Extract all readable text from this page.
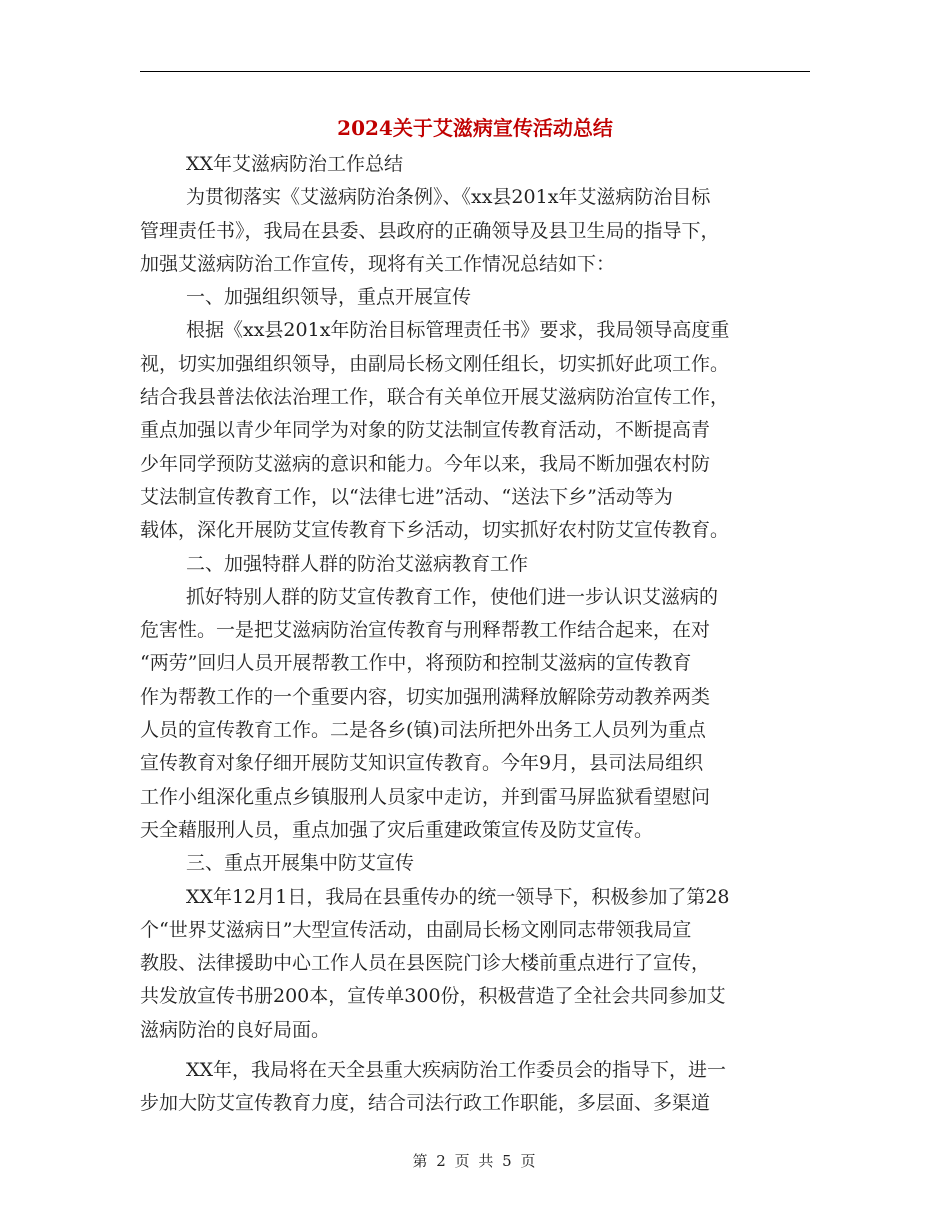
2024关于艾滋病宣传活动总结

XX年艾滋病防治工作总结

为贯彻落实《艾滋病防治条例》、《xx县201x年艾滋病防治目标
管理责任书》，我局在县委、县政府的正确领导及县卫生局的指导下，
加强艾滋病防治工作宣传，现将有关工作情况总结如下：

一、加强组织领导，重点开展宣传

根据《xx县201x年防治目标管理责任书》要求，我局领导高度重
视，切实加强组织领导，由副局长杨文刚任组长，切实抓好此项工作。
结合我县普法依法治理工作，联合有关单位开展艾滋病防治宣传工作，
重点加强以青少年同学为对象的防艾法制宣传教育活动，不断提高青
少年同学预防艾滋病的意识和能力。今年以来，我局不断加强农村防
艾法制宣传教育工作，以“法律七进”活动、“送法下乡”活动等为
载体，深化开展防艾宣传教育下乡活动，切实抓好农村防艾宣传教育。

二、加强特群人群的防治艾滋病教育工作

抓好特别人群的防艾宣传教育工作，使他们进一步认识艾滋病的
危害性。一是把艾滋病防治宣传教育与刑释帮教工作结合起来，在对
“两劳”回归人员开展帮教工作中，将预防和控制艾滋病的宣传教育
作为帮教工作的一个重要内容，切实加强刑满释放解除劳动教养两类
人员的宣传教育工作。二是各乡(镇)司法所把外出务工人员列为重点
宣传教育对象仔细开展防艾知识宣传教育。今年9月，县司法局组织
工作小组深化重点乡镇服刑人员家中走访，并到雷马屏监狱看望慰问
天全藉服刑人员，重点加强了灾后重建政策宣传及防艾宣传。

三、重点开展集中防艾宣传

XX年12月1日，我局在县重传办的统一领导下，积极参加了第28
个“世界艾滋病日”大型宣传活动，由副局长杨文刚同志带领我局宣
教股、法律援助中心工作人员在县医院门诊大楼前重点进行了宣传，
共发放宣传书册200本，宣传单300份，积极营造了全社会共同参加艾
滋病防治的良好局面。

XX年，我局将在天全县重大疾病防治工作委员会的指导下，进一
步加大防艾宣传教育力度，结合司法行政工作职能，多层面、多渠道

第 2 页 共 5 页
